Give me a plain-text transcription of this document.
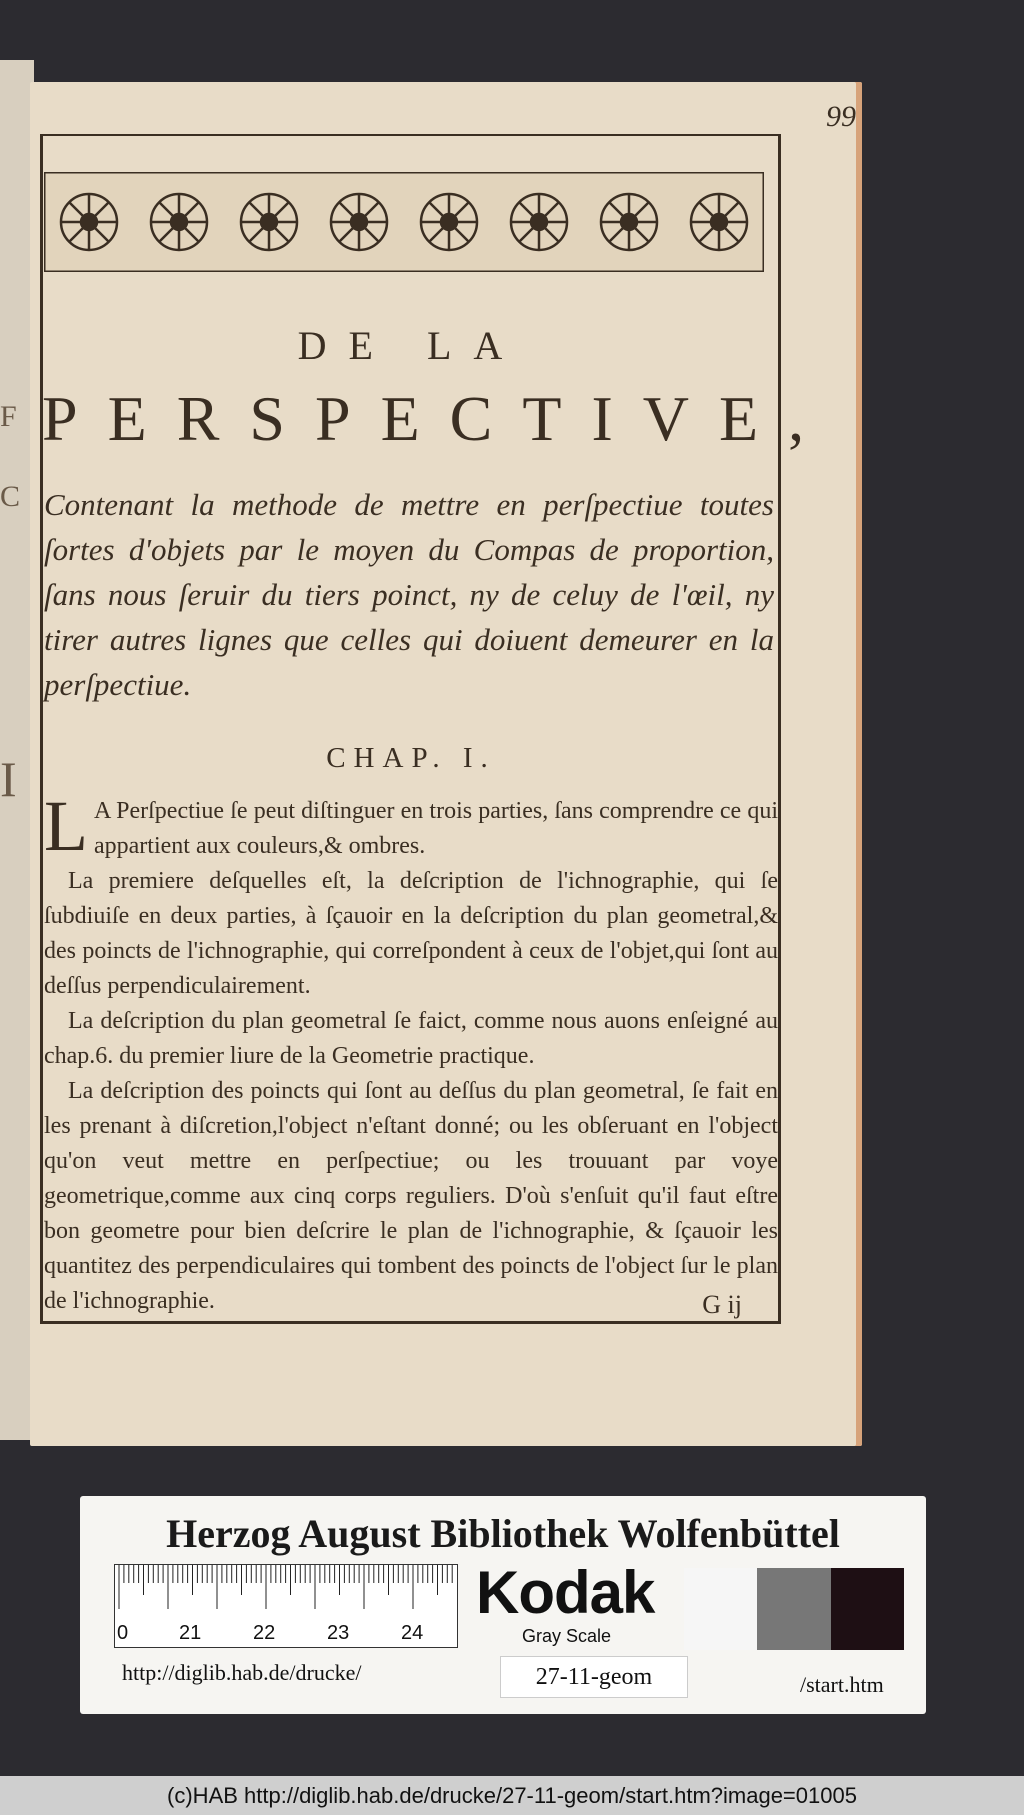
F
C
I
99
DE LA
PERSPECTIVE,
Contenant la methode de mettre en perſpectiue toutes ſortes d'objets par le moyen du Compas de proportion, ſans nous ſeruir du tiers poinct, ny de celuy de l'œil, ny tirer autres lignes que celles qui doiuent demeurer en la perſpectiue.
CHAP. I.

L A Perſpectiue ſe peut diſtinguer en trois parties, ſans comprendre ce qui appartient aux couleurs,& ombres.

La premiere deſquelles eſt, la deſcription de l'ichnographie, qui ſe ſubdiuiſe en deux parties, à ſçauoir en la deſcription du plan geometral,& des poincts de l'ichnographie, qui correſpondent à ceux de l'objet,qui ſont au deſſus perpendiculairement.

La deſcription du plan geometral ſe faict, comme nous auons enſeigné au chap.6. du premier liure de la Geometrie practique.

La deſcription des poincts qui ſont au deſſus du plan geometral, ſe fait en les prenant à diſcretion,l'object n'eſtant donné; ou les obſeruant en l'object qu'on veut mettre en perſpectiue; ou les trouuant par voye geometrique,comme aux cinq corps reguliers. D'où s'enſuit qu'il faut eſtre bon geometre pour bien deſcrire le plan de l'ichnographie, & ſçauoir les quantitez des perpendiculaires qui tombent des poincts de l'object ſur le plan de l'ichnographie.	G ij
Herzog August Bibliothek Wolfenbüttel
0	21	22	23	24
Kodak
Gray Scale
http://diglib.hab.de/drucke/	27-11-geom	/start.htm
(c)HAB http://diglib.hab.de/drucke/27-11-geom/start.htm?image=01005
